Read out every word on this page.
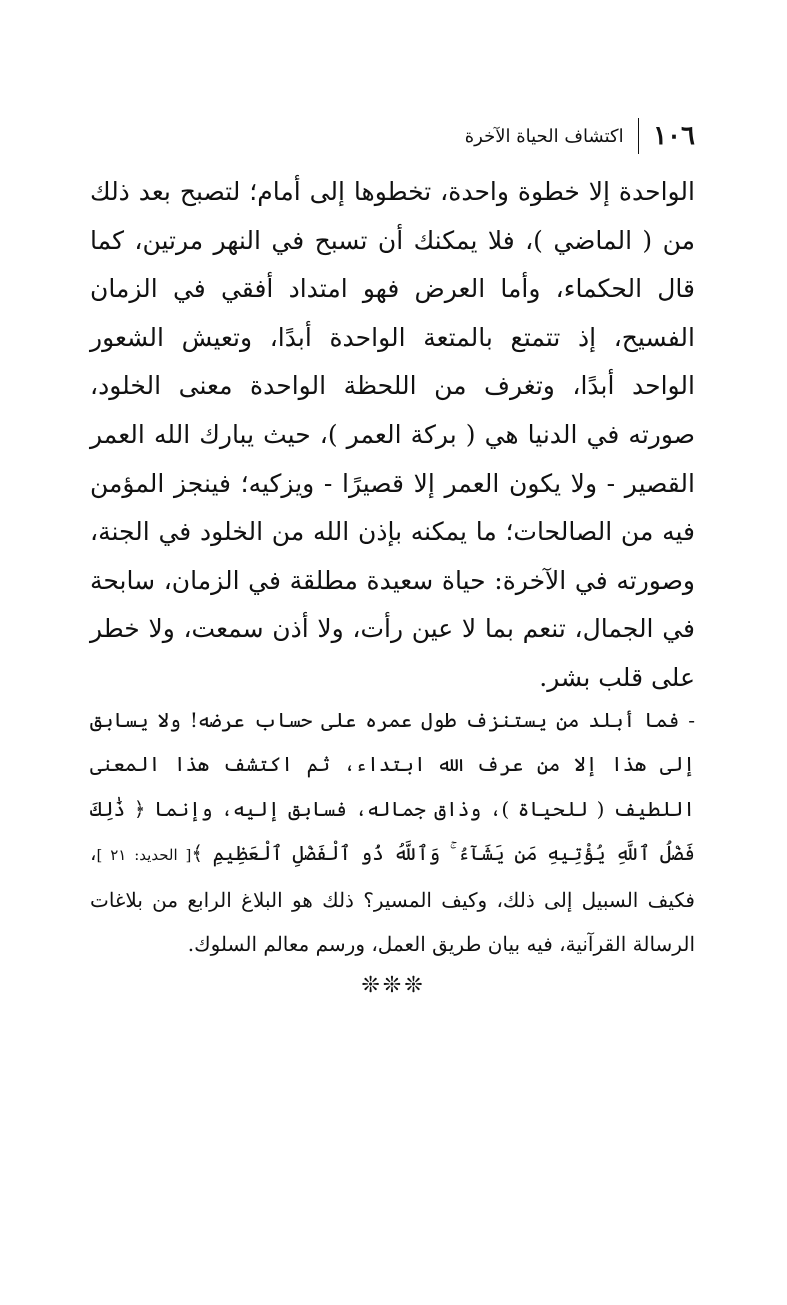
١٠٦
اكتشاف الحياة الآخرة

الواحدة إلا خطوة واحدة، تخطوها إلى أمام؛ لتصبح بعد ذلك من ( الماضي )، فلا يمكنك أن تسبح في النهر مرتين، كما قال الحكماء، وأما العرض فهو امتداد أفقي في الزمان الفسيح، إذ تتمتع بالمتعة الواحدة أبدًا، وتعيش الشعور الواحد أبدًا، وتغرف من اللحظة الواحدة معنى الخلود، صورته في الدنيا هي ( بركة العمر )، حيث يبارك الله العمر القصير - ولا يكون العمر إلا قصيرًا - ويزكيه؛ فينجز المؤمن فيه من الصالحات؛ ما يمكنه بإذن الله من الخلود في الجنة، وصورته في الآخرة: حياة سعيدة مطلقة في الزمان، سابحة في الجمال، تنعم بما لا عين رأت، ولا أذن سمعت، ولا خطر على قلب بشر.

- فما أبلد من يستنزف طول عمره على حساب عرضه! ولا يسابق إلى هذا إلا من عرف الله ابتداء، ثم اكتشف هذا المعنى اللطيف ( للحياة )، وذاق جماله، فسابق إليه، وإنما ﴿ ذَٰلِكَ فَضْلُ ٱللَّهِ يُؤْتِيهِ مَن يَشَآءُ ۚ وَٱللَّهُ ذُو ٱلْفَضْلِ ٱلْعَظِيمِ ﴾[ الحديد: ٢١ ]، فكيف السبيل إلى ذلك، وكيف المسير؟ ذلك هو البلاغ الرابع من بلاغات الرسالة القرآنية، فيه بيان طريق العمل، ورسم معالم السلوك.

❊❊❊
